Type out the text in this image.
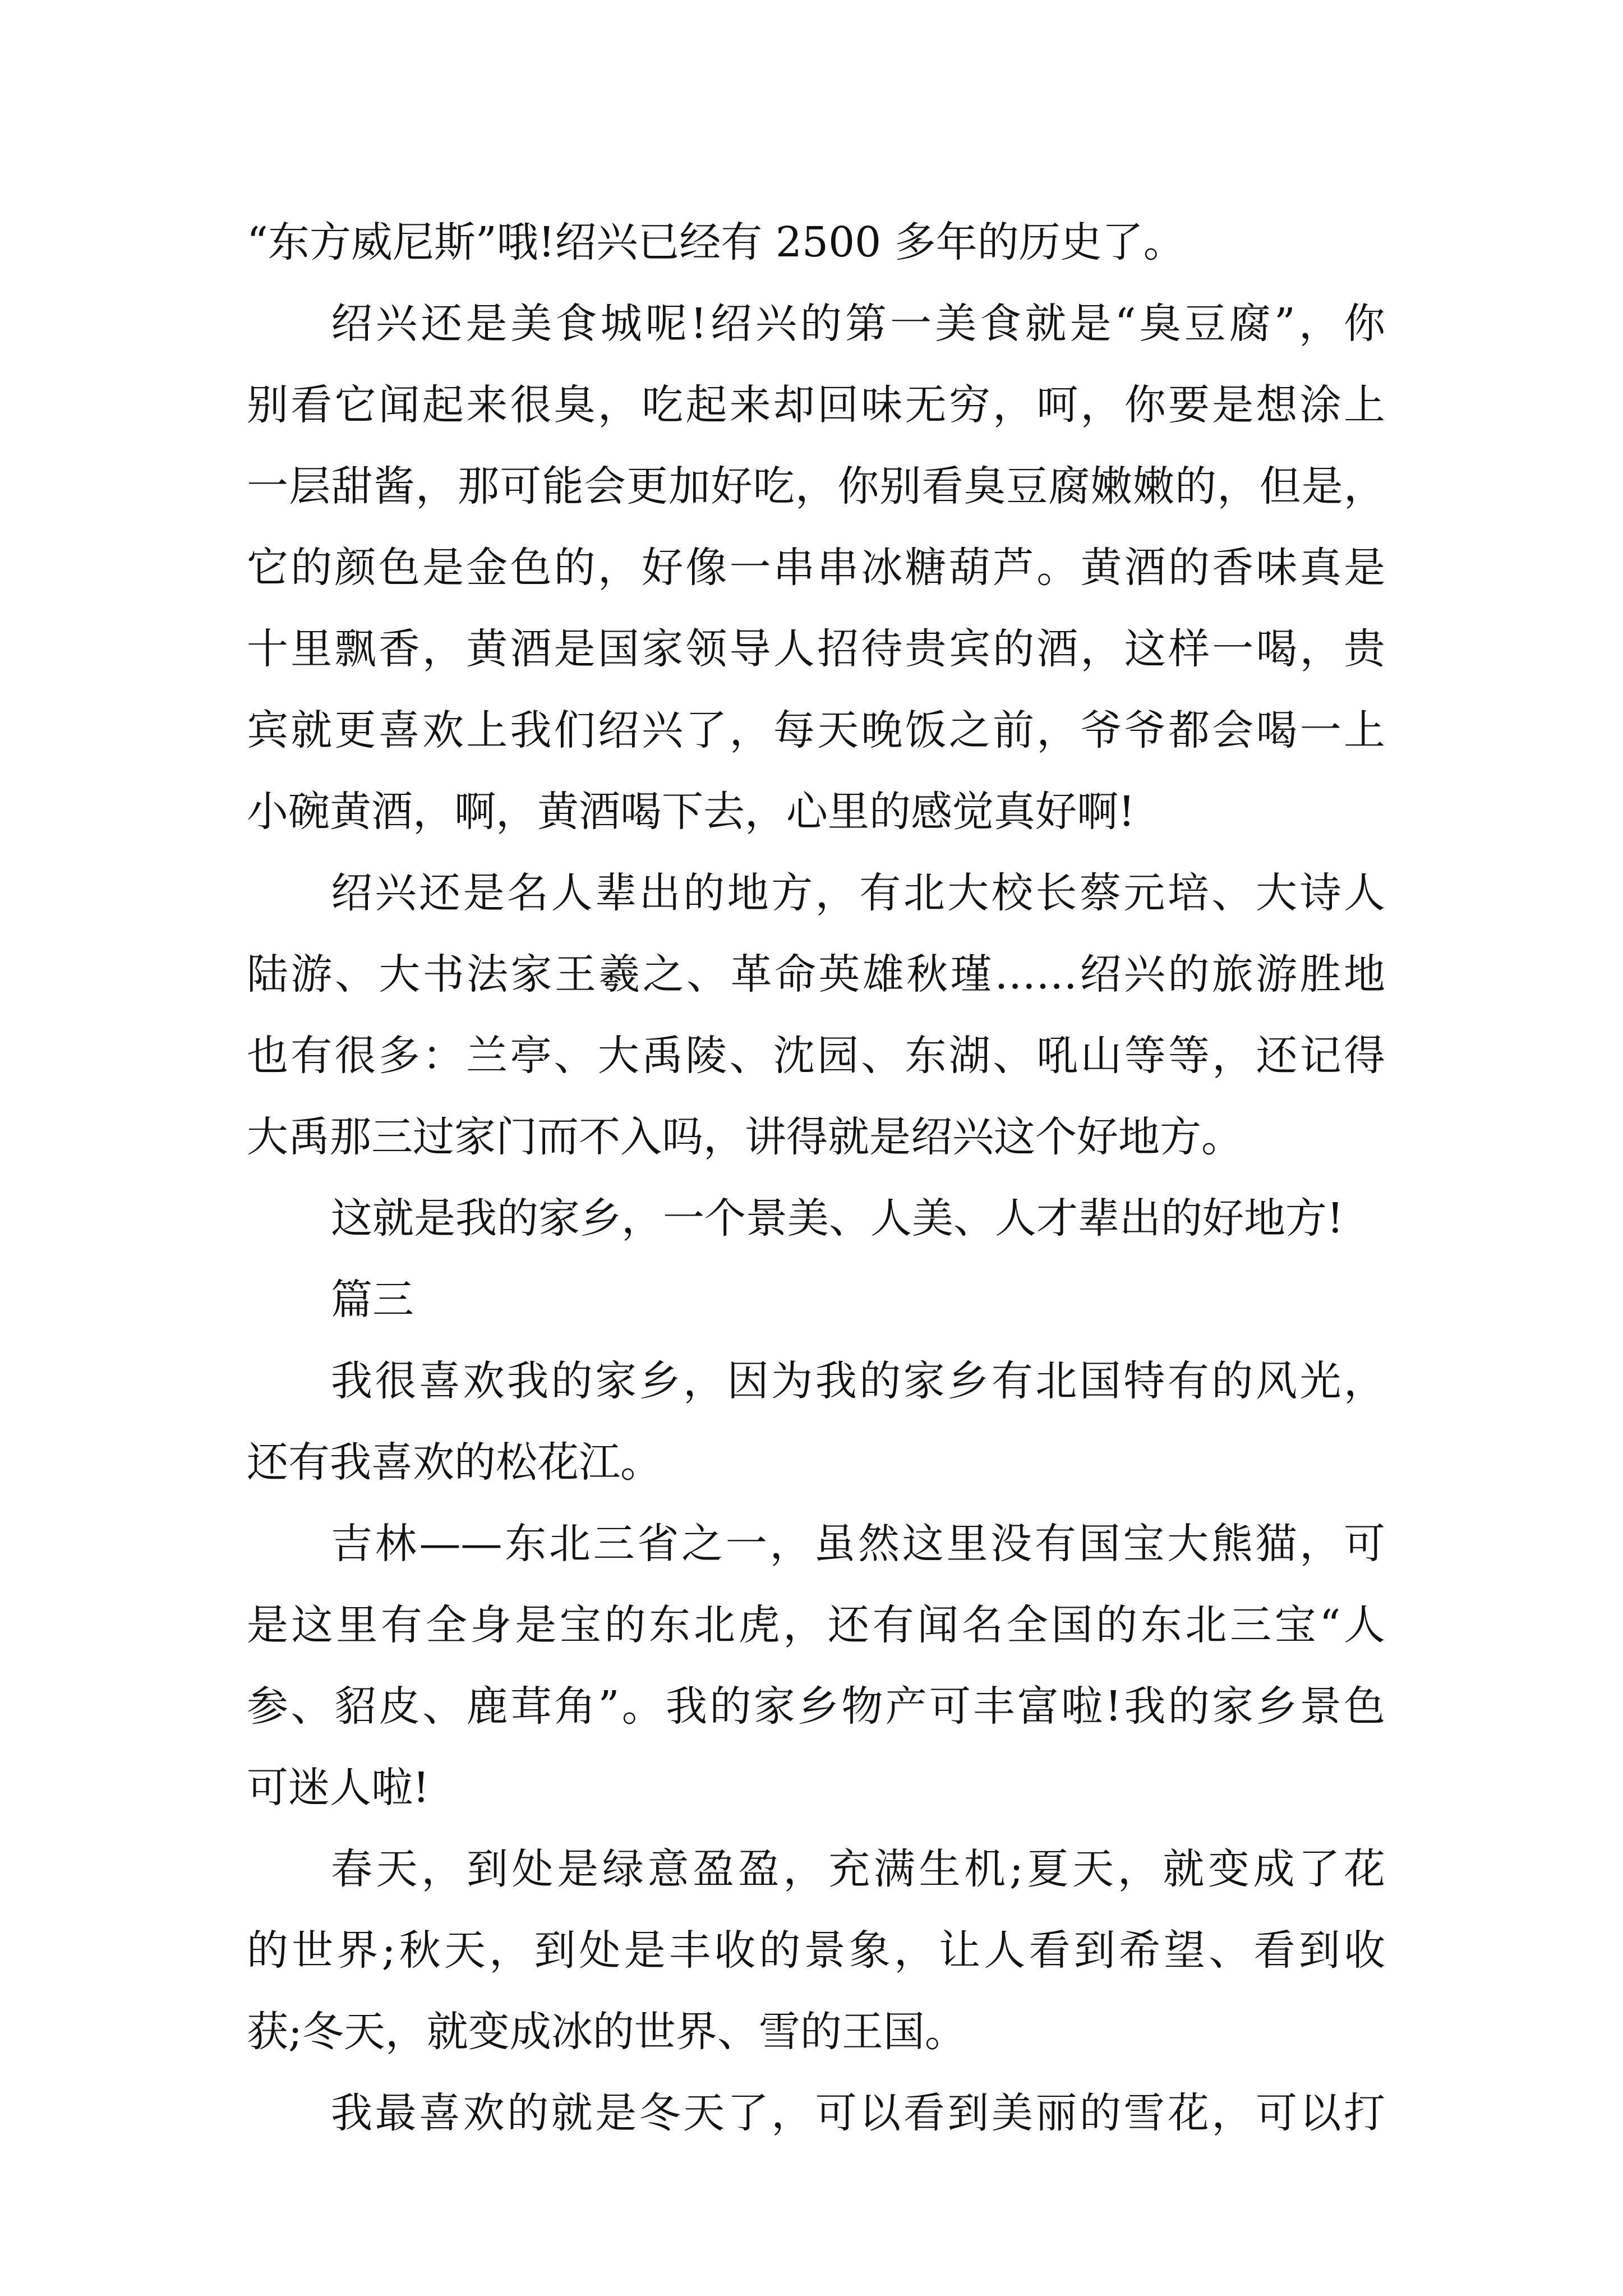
“东方威尼斯”哦!绍兴已经有 2500 多年的历史了。
绍兴还是美食城呢!绍兴的第一美食就是“臭豆腐”，你
别看它闻起来很臭，吃起来却回味无穷，呵，你要是想涂上
一层甜酱，那可能会更加好吃，你别看臭豆腐嫩嫩的，但是，
它的颜色是金色的，好像一串串冰糖葫芦。黄酒的香味真是
十里飘香，黄酒是国家领导人招待贵宾的酒，这样一喝，贵
宾就更喜欢上我们绍兴了，每天晚饭之前，爷爷都会喝一上
小碗黄酒，啊，黄酒喝下去，心里的感觉真好啊!
绍兴还是名人辈出的地方，有北大校长蔡元培、大诗人
陆游、大书法家王羲之、革命英雄秋瑾……绍兴的旅游胜地
也有很多：兰亭、大禹陵、沈园、东湖、吼山等等，还记得
大禹那三过家门而不入吗，讲得就是绍兴这个好地方。
这就是我的家乡，一个景美、人美、人才辈出的好地方!
篇三
我很喜欢我的家乡，因为我的家乡有北国特有的风光，
还有我喜欢的松花江。
吉林——东北三省之一，虽然这里没有国宝大熊猫，可
是这里有全身是宝的东北虎，还有闻名全国的东北三宝“人
参、貂皮、鹿茸角”。我的家乡物产可丰富啦!我的家乡景色
可迷人啦!
春天，到处是绿意盈盈，充满生机;夏天，就变成了花
的世界;秋天，到处是丰收的景象，让人看到希望、看到收
获;冬天，就变成冰的世界、雪的王国。
我最喜欢的就是冬天了，可以看到美丽的雪花，可以打
